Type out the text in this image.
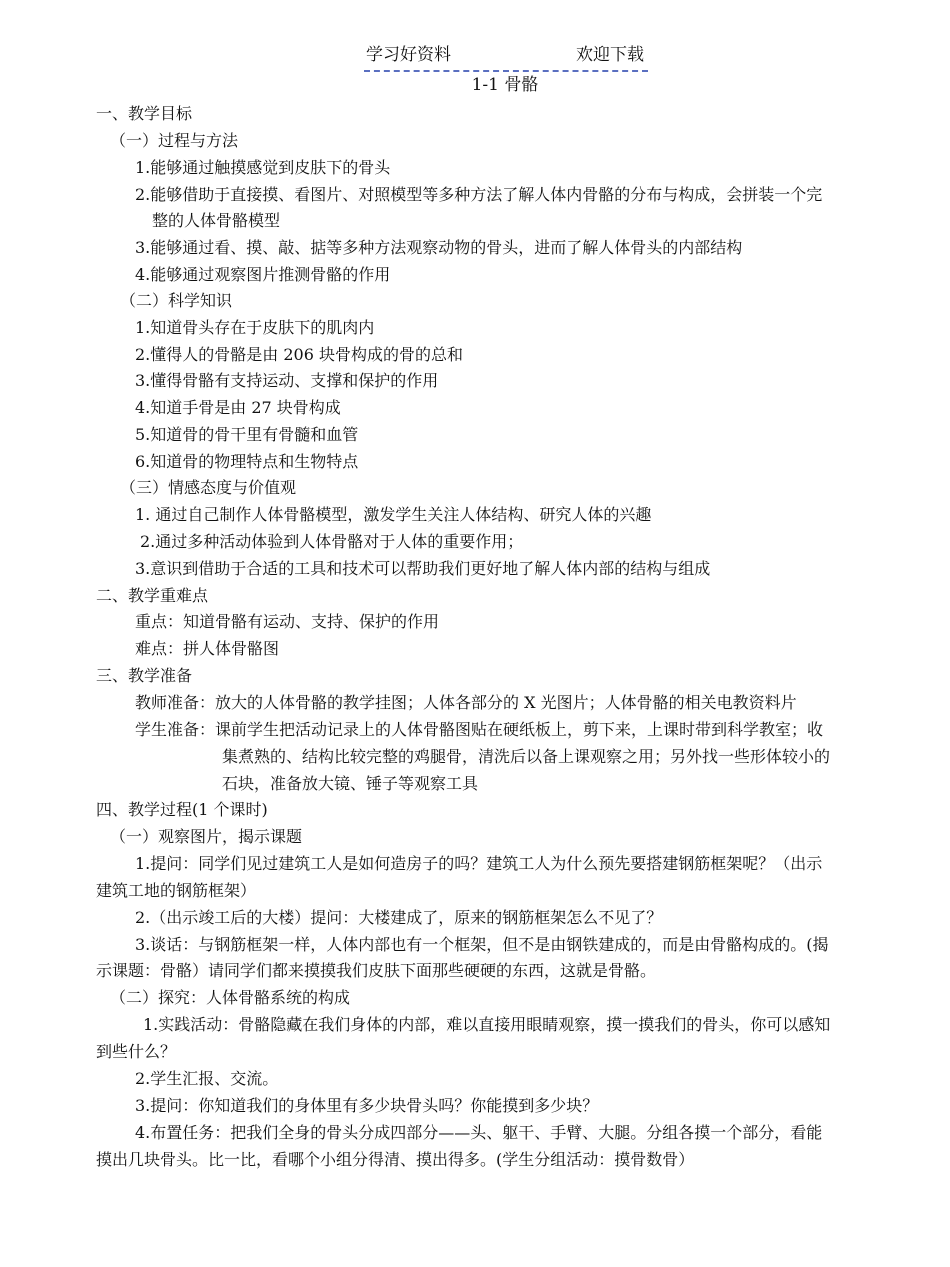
学习好资料	欢迎下载
1-1 骨骼
一、教学目标
（一）过程与方法
1.能够通过触摸感觉到皮肤下的骨头
2.能够借助于直接摸、看图片、对照模型等多种方法了解人体内骨骼的分布与构成，会拼装一个完
整的人体骨骼模型
3.能够通过看、摸、敲、掂等多种方法观察动物的骨头，进而了解人体骨头的内部结构
4.能够通过观察图片推测骨骼的作用
（二）科学知识
1.知道骨头存在于皮肤下的肌肉内
2.懂得人的骨骼是由 206 块骨构成的骨的总和
3.懂得骨骼有支持运动、支撑和保护的作用
4.知道手骨是由 27 块骨构成
5.知道骨的骨干里有骨髓和血管
6.知道骨的物理特点和生物特点
（三）情感态度与价值观
1. 通过自己制作人体骨骼模型，激发学生关注人体结构、研究人体的兴趣
2.通过多种活动体验到人体骨骼对于人体的重要作用；
3.意识到借助于合适的工具和技术可以帮助我们更好地了解人体内部的结构与组成
二、教学重难点
重点：知道骨骼有运动、支持、保护的作用
难点：拼人体骨骼图
三、教学准备
教师准备：放大的人体骨骼的教学挂图；人体各部分的 X 光图片；人体骨骼的相关电教资料片
学生准备：课前学生把活动记录上的人体骨骼图贴在硬纸板上，剪下来，上课时带到科学教室；收
集煮熟的、结构比较完整的鸡腿骨，清洗后以备上课观察之用；另外找一些形体较小的
石块，准备放大镜、锤子等观察工具
四、教学过程(1 个课时)
（一）观察图片，揭示课题
1.提问：同学们见过建筑工人是如何造房子的吗？建筑工人为什么预先要搭建钢筋框架呢？（出示
建筑工地的钢筋框架）
2.（出示竣工后的大楼）提问：大楼建成了，原来的钢筋框架怎么不见了？
3.谈话：与钢筋框架一样，人体内部也有一个框架，但不是由钢铁建成的，而是由骨骼构成的。(揭
示课题：骨骼）请同学们都来摸摸我们皮肤下面那些硬硬的东西，这就是骨骼。
（二）探究：人体骨骼系统的构成
1.实践活动：骨骼隐藏在我们身体的内部，难以直接用眼睛观察，摸一摸我们的骨头，你可以感知
到些什么？
2.学生汇报、交流。
3.提问：你知道我们的身体里有多少块骨头吗？你能摸到多少块？
4.布置任务：把我们全身的骨头分成四部分——头、躯干、手臂、大腿。分组各摸一个部分，看能
摸出几块骨头。比一比，看哪个小组分得清、摸出得多。(学生分组活动：摸骨数骨）
